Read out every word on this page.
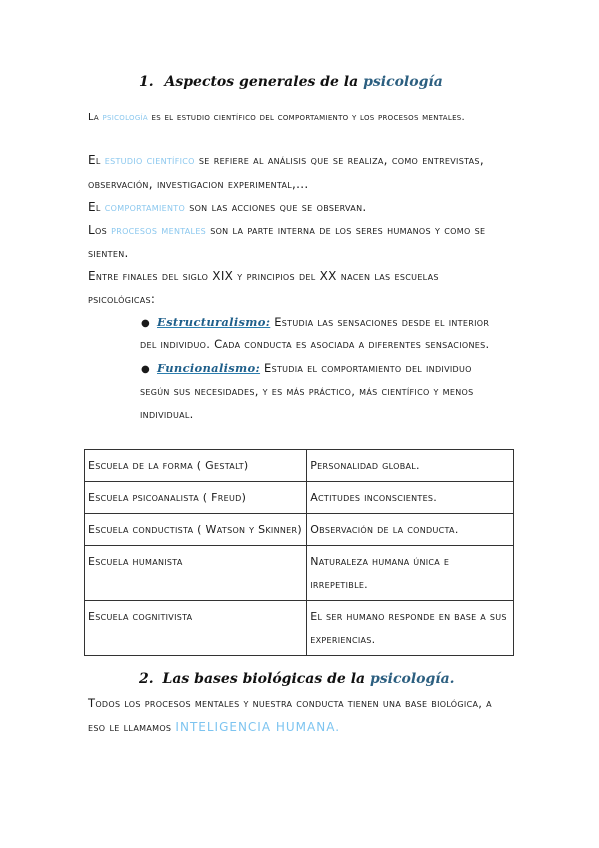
1. Aspectos generales de la psicología
La psicología es el estudio científico del comportamiento y los procesos mentales.
El estudio científico se refiere al análisis que se realiza, como entrevistas,
observación, investigacion experimental,...
El comportamiento son las acciones que se observan.
Los procesos mentales son la parte interna de los seres humanos y como se
sienten.
Entre finales del siglo XIX y principios del XX nacen las escuelas
psicológicas:
● Estructuralismo: Estudia las sensaciones desde el interior
del individuo. Cada conducta es asociada a diferentes sensaciones.
● Funcionalismo: Estudia el comportamiento del individuo
según sus necesidades, y es más práctico, más científico y menos
individual.
Escuela de la forma ( Gestalt)	Personalidad global.
Escuela psicoanalista ( Freud)	Actitudes inconscientes.
Escuela conductista ( Watson y Skinner)	Observación de la conducta.
Escuela humanista	Naturaleza humana única e irrepetible.
Escuela cognitivista	El ser humano responde en base a sus experiencias.
2. Las bases biológicas de la psicología.
Todos los procesos mentales y nuestra conducta tienen una base biológica, a
eso le llamamos INTELIGENCIA HUMANA.
